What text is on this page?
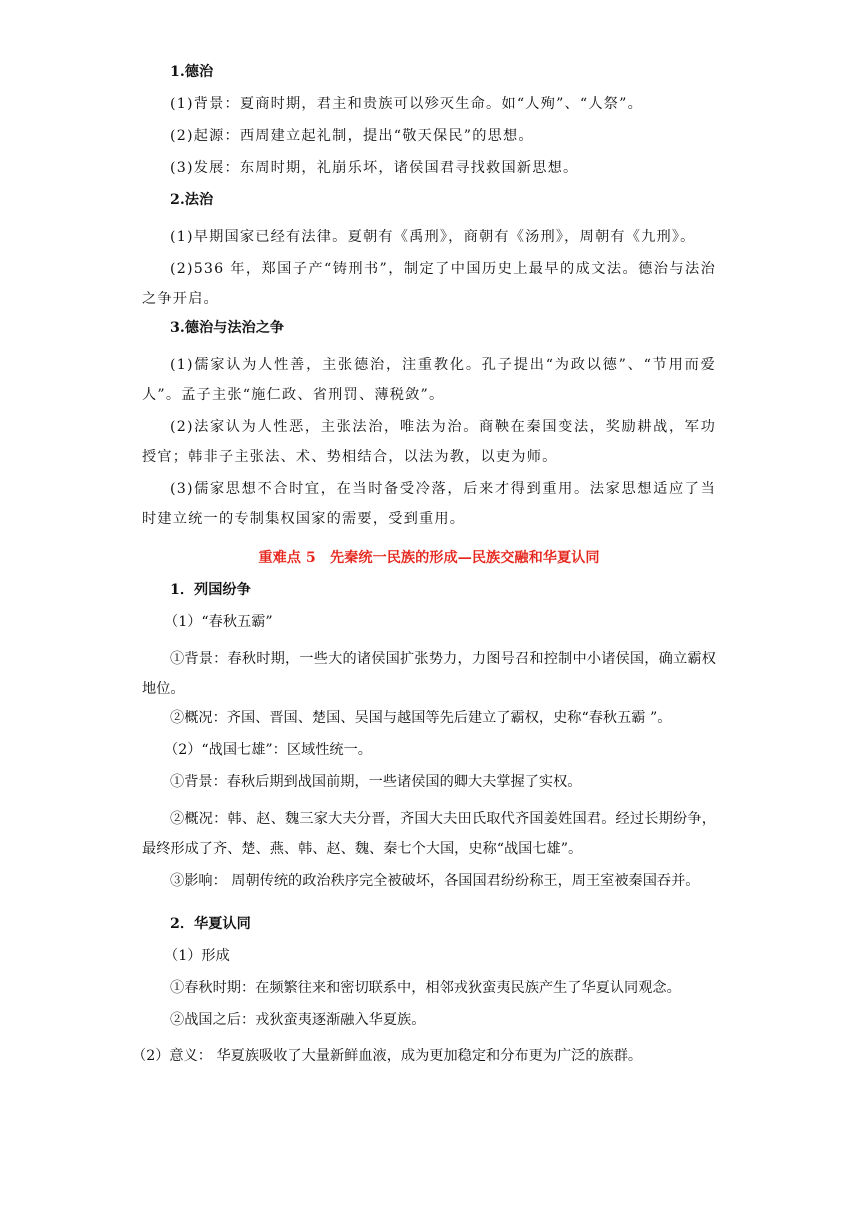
1.德治
(1)背景：夏商时期，君主和贵族可以殄灭生命。如“人殉”、“人祭”。
(2)起源：西周建立起礼制，提出“敬天保民”的思想。
(3)发展：东周时期，礼崩乐坏，诸侯国君寻找救国新思想。
2.法治
(1)早期国家已经有法律。夏朝有《禹刑》，商朝有《汤刑》，周朝有《九刑》。
(2)536 年，郑国子产“铸刑书”，制定了中国历史上最早的成文法。德治与法治之争开启。
3.德治与法治之争
(1)儒家认为人性善，主张德治，注重教化。孔子提出“为政以德”、“节用而爱人”。孟子主张“施仁政、省刑罚、薄税敛”。
(2)法家认为人性恶，主张法治，唯法为治。商鞅在秦国变法，奖励耕战，军功授官；韩非子主张法、术、势相结合，以法为教，以吏为师。
(3)儒家思想不合时宜，在当时备受冷落，后来才得到重用。法家思想适应了当时建立统一的专制集权国家的需要，受到重用。
重难点 5　先秦统一民族的形成—民族交融和华夏认同
1．列国纷争
（1）“春秋五霸”
①背景：春秋时期，一些大的诸侯国扩张势力，力图号召和控制中小诸侯国，确立霸权地位。
②概况：齐国、晋国、楚国、吴国与越国等先后建立了霸权，史称“春秋五霸 ”。
（2）“战国七雄”：区域性统一。
①背景：春秋后期到战国前期，一些诸侯国的卿大夫掌握了实权。
②概况：韩、赵、魏三家大夫分晋，齐国大夫田氏取代齐国姜姓国君。经过长期纷争，最终形成了齐、楚、燕、韩、赵、魏、秦七个大国，史称“战国七雄”。
③影响： 周朝传统的政治秩序完全被破坏，各国国君纷纷称王，周王室被秦国吞并。
2．华夏认同
（1）形成
①春秋时期：在频繁往来和密切联系中，相邻戎狄蛮夷民族产生了华夏认同观念。
②战国之后：戎狄蛮夷逐渐融入华夏族。
（2）意义： 华夏族吸收了大量新鲜血液，成为更加稳定和分布更为广泛的族群。
